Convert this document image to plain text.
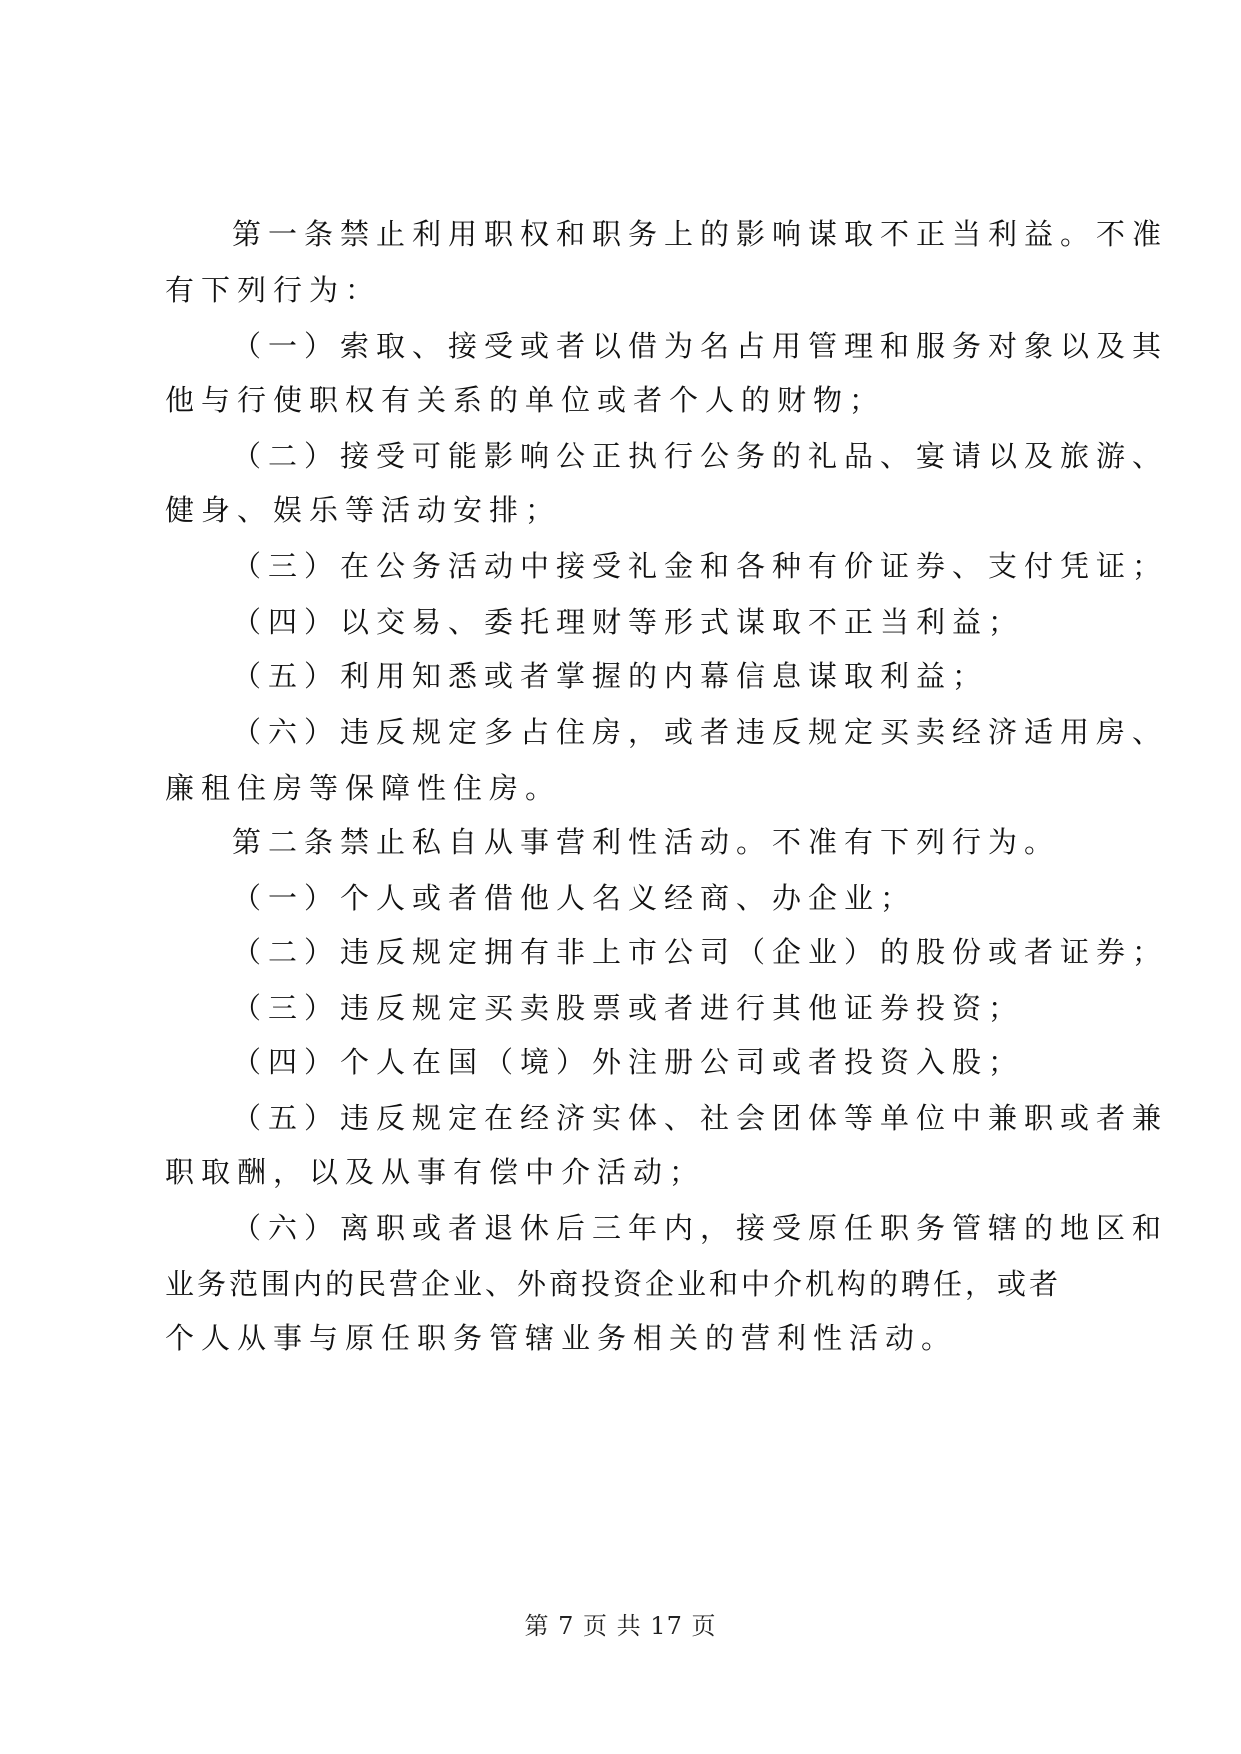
第一条禁止利用职权和职务上的影响谋取不正当利益。不准
有下列行为：
（一）索取、接受或者以借为名占用管理和服务对象以及其
他与行使职权有关系的单位或者个人的财物；
（二）接受可能影响公正执行公务的礼品、宴请以及旅游、
健身、娱乐等活动安排；
（三）在公务活动中接受礼金和各种有价证券、支付凭证；
（四）以交易、委托理财等形式谋取不正当利益；
（五）利用知悉或者掌握的内幕信息谋取利益；
（六）违反规定多占住房，或者违反规定买卖经济适用房、
廉租住房等保障性住房。
第二条禁止私自从事营利性活动。不准有下列行为。
（一）个人或者借他人名义经商、办企业；
（二）违反规定拥有非上市公司（企业）的股份或者证券；
（三）违反规定买卖股票或者进行其他证券投资；
（四）个人在国（境）外注册公司或者投资入股；
（五）违反规定在经济实体、社会团体等单位中兼职或者兼
职取酬，以及从事有偿中介活动；
（六）离职或者退休后三年内，接受原任职务管辖的地区和
业务范围内的民营企业、外商投资企业和中介机构的聘任，或者
个人从事与原任职务管辖业务相关的营利性活动。
第 7 页 共 17 页
